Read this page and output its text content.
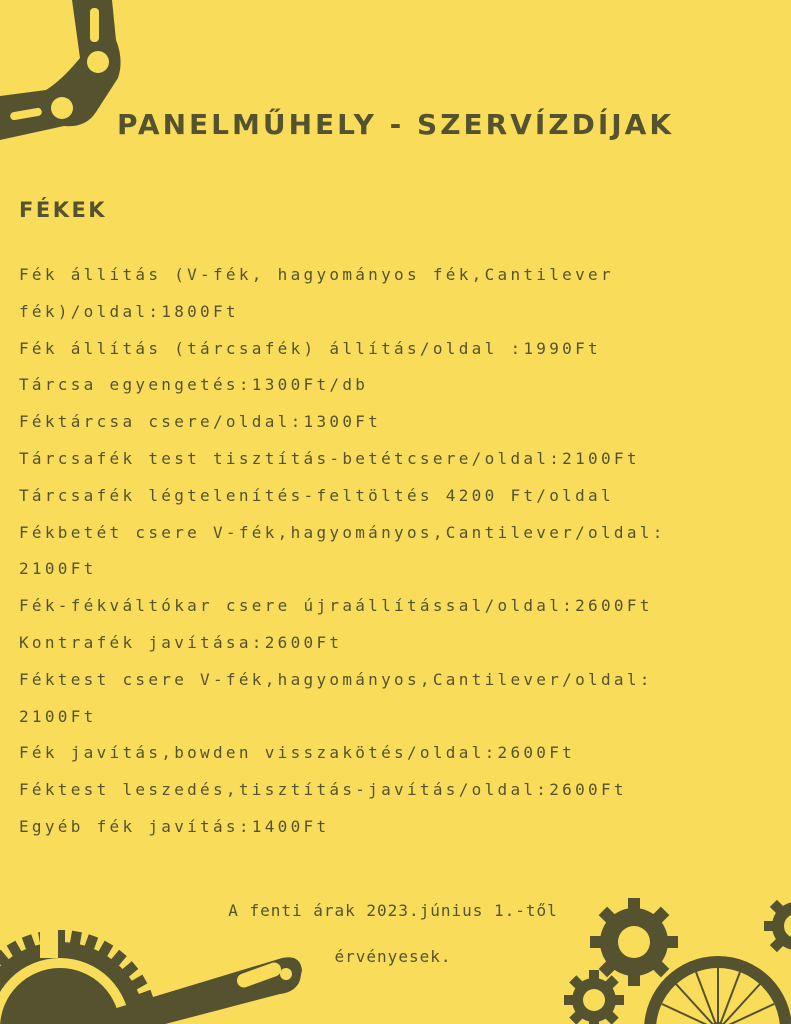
PANELMŰHELY - SZERVÍZDÍJAK
FÉKEK
Fék állítás (V-fék, hagyományos fék,Cantilever fék)/oldal:1800Ft
Fék állítás (tárcsafék) állítás/oldal :1990Ft
Tárcsa egyengetés:1300Ft/db
Féktárcsa csere/oldal:1300Ft
Tárcsafék test tisztítás-betétcsere/oldal:2100Ft
Tárcsafék légtelenítés-feltöltés 4200 Ft/oldal
Fékbetét csere V-fék,hagyományos,Cantilever/oldal: 2100Ft
Fék-fékváltókar csere újraállítással/oldal:2600Ft
Kontrafék javítása:2600Ft
Féktest csere V-fék,hagyományos,Cantilever/oldal: 2100Ft
Fék javítás,bowden visszakötés/oldal:2600Ft
Féktest leszedés,tisztítás-javítás/oldal:2600Ft
Egyéb fék javítás:1400Ft

A fenti árak 2023.június 1.-től érvényesek.
